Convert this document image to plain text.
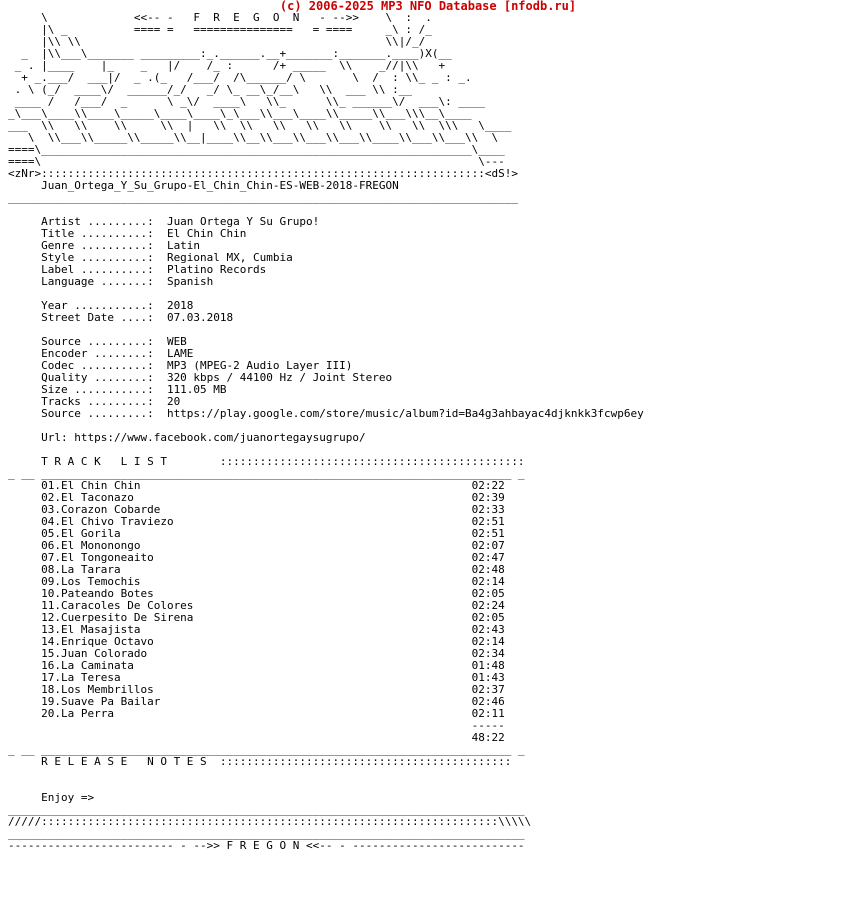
(c) 2006-2025 MP3 NFO Database [nfodb.ru]
\             <<-- -   F  R  E  G  O  N   - -->>    \  :  .
|\ _          ==== =   ===============   = ====     _\ : /_
|\\ \\                                              \\|/_/
_  |\\___\_______ _________:_.______.__+_______:_______.____)X(__
_ . |____    |_    _   |/    /_ :      /+ _____  \\    _//|\\   +
+ _.___/  ___|/  _ .(_   /___/  /\______/ \       \  /  : \\_ _ : _.
. \ (_/  ____\/  ______/_/   _/ \_ __\_/__\   \\  ___ \\ :__
____ /   /___/  _      \ _\/  ____\   \\_      \\_ ______\/  ___\: ____
_\___\____\\____\_____\____\____\_\___\\___\____\\_____\\___\\\__\____
___  \\   \\    \\     \\  |   \\  \\   \\   \\   \\    \\   \\  \\\   \____
\  \\___\\_____\\_____\\__|____\\__\\___\\___\\___\\____\\___\\___\\  \
====\_________________________________________________________________\____
====\                                                                  \---
<zNr>:::::::::::::::::::::::::::::::::::::::::::::::::::::::::::::::::::<dS!>
Juan_Ortega_Y_Su_Grupo-El_Chin_Chin-ES-WEB-2018-FREGON
_____________________________________________________________________________

Artist .........:  Juan Ortega Y Su Grupo!
Title ..........:  El Chin Chin
Genre ..........:  Latin
Style ..........:  Regional MX, Cumbia
Label ..........:  Platino Records
Language .......:  Spanish

Year ...........:  2018
Street Date ....:  07.03.2018

Source .........:  WEB
Encoder ........:  LAME
Codec ..........:  MP3 (MPEG-2 Audio Layer III)
Quality ........:  320 kbps / 44100 Hz / Joint Stereo
Size ...........:  111.05 MB
Tracks .........:  20
Source .........:  https://play.google.com/store/music/album?id=Ba4g3ahbayac4djknkk3fcwp6ey

Url: https://www.facebook.com/juanortegaysugrupo/

T R A C K   L I S T        ::::::::::::::::::::::::::::::::::::::::::::::
_ __ _______________________________________________________________________ _
01.El Chin Chin                                                  02:22
02.El Taconazo                                                   02:39
03.Corazon Cobarde                                               02:33
04.El Chivo Traviezo                                             02:51
05.El Gorila                                                     02:51
06.El Mononongo                                                  02:07
07.El Tongoneaito                                                02:47
08.La Tarara                                                     02:48
09.Los Temochis                                                  02:14
10.Pateando Botes                                                02:05
11.Caracoles De Colores                                          02:24
12.Cuerpesito De Sirena                                          02:05
13.El Masajista                                                  02:43
14.Enrique Octavo                                                02:14
15.Juan Colorado                                                 02:34
16.La Caminata                                                   01:48
17.La Teresa                                                     01:43
18.Los Membrillos                                                02:37
19.Suave Pa Bailar                                               02:46
20.La Perra                                                      02:11
-----
48:22
_ __ _______________________________________________________________________ _
R E L E A S E   N O T E S  ::::::::::::::::::::::::::::::::::::::::::::

Enjoy =>
______________________________________________________________________________
/////:::::::::::::::::::::::::::::::::::::::::::::::::::::::::::::::::::::\\\\\
______________________________________________________________________________
------------------------- - -->> F R E G O N <<-- - --------------------------
